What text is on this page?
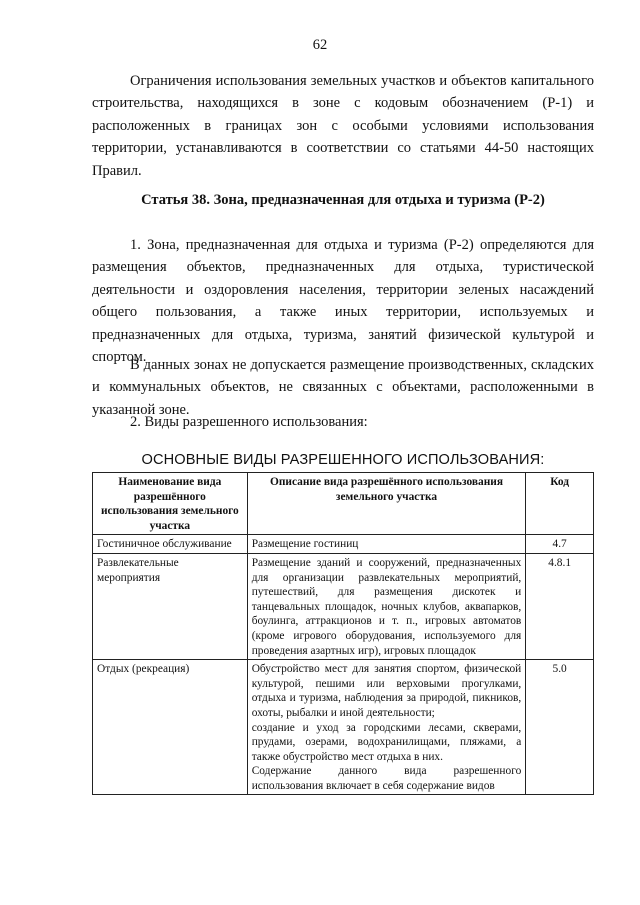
62

Ограничения использования земельных участков и объектов капитального строительства, находящихся в зоне с кодовым обозначением (Р-1) и расположенных в границах зон с особыми условиями использования территории, устанавливаются в соответствии со статьями 44-50 настоящих Правил.

Статья 38. Зона, предназначенная для отдыха и туризма (Р-2)

1. Зона, предназначенная для отдыха и туризма (Р-2) определяются для размещения объектов, предназначенных для отдыха, туристической деятельности и оздоровления населения, территории зеленых насаждений общего пользования, а также иных территории, используемых и предназначенных для отдыха, туризма, занятий физической культурой и спортом.

В данных зонах не допускается размещение производственных, складских и коммунальных объектов, не связанных с объектами, расположенными в указанной зоне.

2. Виды разрешенного использования:

ОСНОВНЫЕ ВИДЫ РАЗРЕШЕННОГО ИСПОЛЬЗОВАНИЯ:

Наименование вида разрешённого использования земельного участка	Описание вида разрешённого использования земельного участка	Код
Гостиничное обслуживание	Размещение гостиниц	4.7
Развлекательные мероприятия	Размещение зданий и сооружений, предназначенных для организации развлекательных мероприятий, путешествий, для размещения дискотек и танцевальных площадок, ночных клубов, аквапарков, боулинга, аттракционов и т. п., игровых автоматов (кроме игрового оборудования, используемого для проведения азартных игр), игровых площадок	4.8.1
Отдых (рекреация)	Обустройство мест для занятия спортом, физической культурой, пешими или верховыми прогулками, отдыха и туризма, наблюдения за природой, пикников, охоты, рыбалки и иной деятельности;
создание и уход за городскими лесами, скверами, прудами, озерами, водохранилищами, пляжами, а также обустройство мест отдыха в них.
Содержание данного вида разрешенного использования включает в себя содержание видов	5.0
